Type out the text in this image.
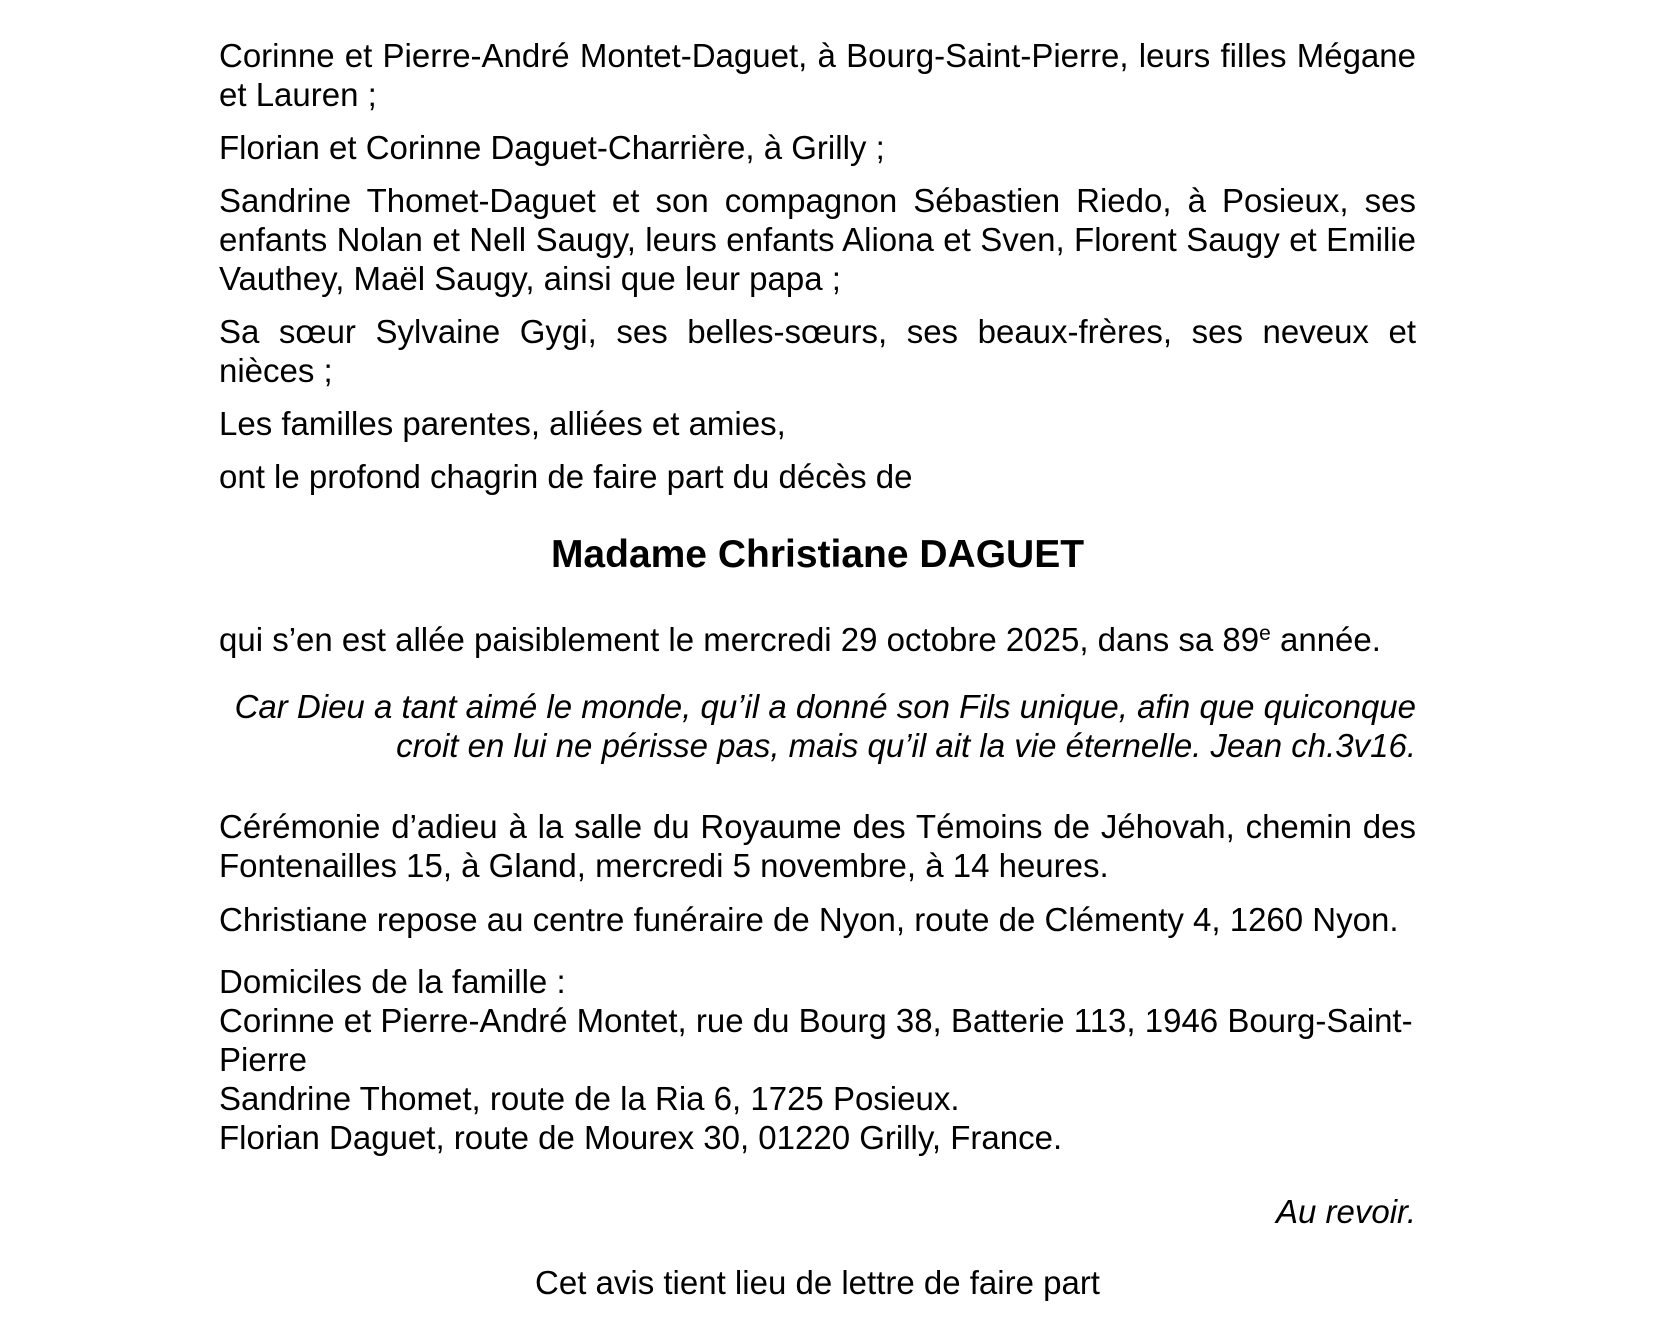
Corinne et Pierre-André Montet-Daguet, à Bourg-Saint-Pierre, leurs filles Mégane et Lauren ;
Florian et Corinne Daguet-Charrière, à Grilly ;
Sandrine Thomet-Daguet et son compagnon Sébastien Riedo, à Posieux, ses enfants Nolan et Nell Saugy, leurs enfants Aliona et Sven, Florent Saugy et Emilie Vauthey, Maël Saugy, ainsi que leur papa ;
Sa sœur Sylvaine Gygi, ses belles-sœurs, ses beaux-frères, ses neveux et nièces ;
Les familles parentes, alliées et amies,
ont le profond chagrin de faire part du décès de
Madame Christiane DAGUET
qui s’en est allée paisiblement le mercredi 29 octobre 2025, dans sa 89e année.
Car Dieu a tant aimé le monde, qu’il a donné son Fils unique, afin que quiconque croit en lui ne périsse pas, mais qu’il ait la vie éternelle. Jean ch.3v16.
Cérémonie d’adieu à la salle du Royaume des Témoins de Jéhovah, chemin des Fontenailles 15, à Gland, mercredi 5 novembre, à 14 heures.
Christiane repose au centre funéraire de Nyon, route de Clémenty 4, 1260 Nyon.
Domiciles de la famille :
Corinne et Pierre-André Montet, rue du Bourg 38, Batterie 113, 1946 Bourg-Saint-Pierre
Sandrine Thomet, route de la Ria 6, 1725 Posieux.
Florian Daguet, route de Mourex 30, 01220 Grilly, France.
Au revoir.
Cet avis tient lieu de lettre de faire part
